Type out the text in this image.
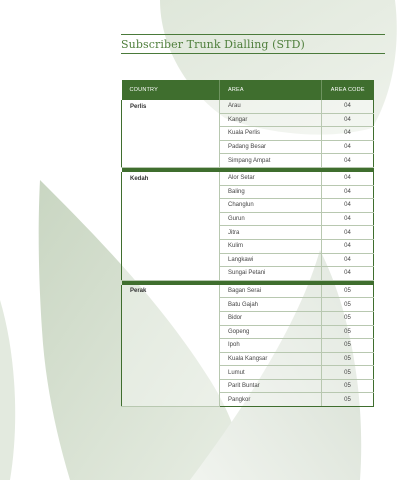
Subscriber Trunk Dialling (STD)
COUNTRY	AREA	AREA CODE
Perlis	Arau	04
	Kangar	04
	Kuala Perlis	04
	Padang Besar	04
	Simpang Ampat	04

Kedah	Alor Setar	04
	Baling	04
	Changlun	04
	Gurun	04
	Jitra	04
	Kulim	04
	Langkawi	04
	Sungai Petani	04

Perak	Bagan Serai	05
	Batu Gajah	05
	Bidor	05
	Gopeng	05
	Ipoh	05
	Kuala Kangsar	05
	Lumut	05
	Parit Buntar	05
	Pangkor	05
